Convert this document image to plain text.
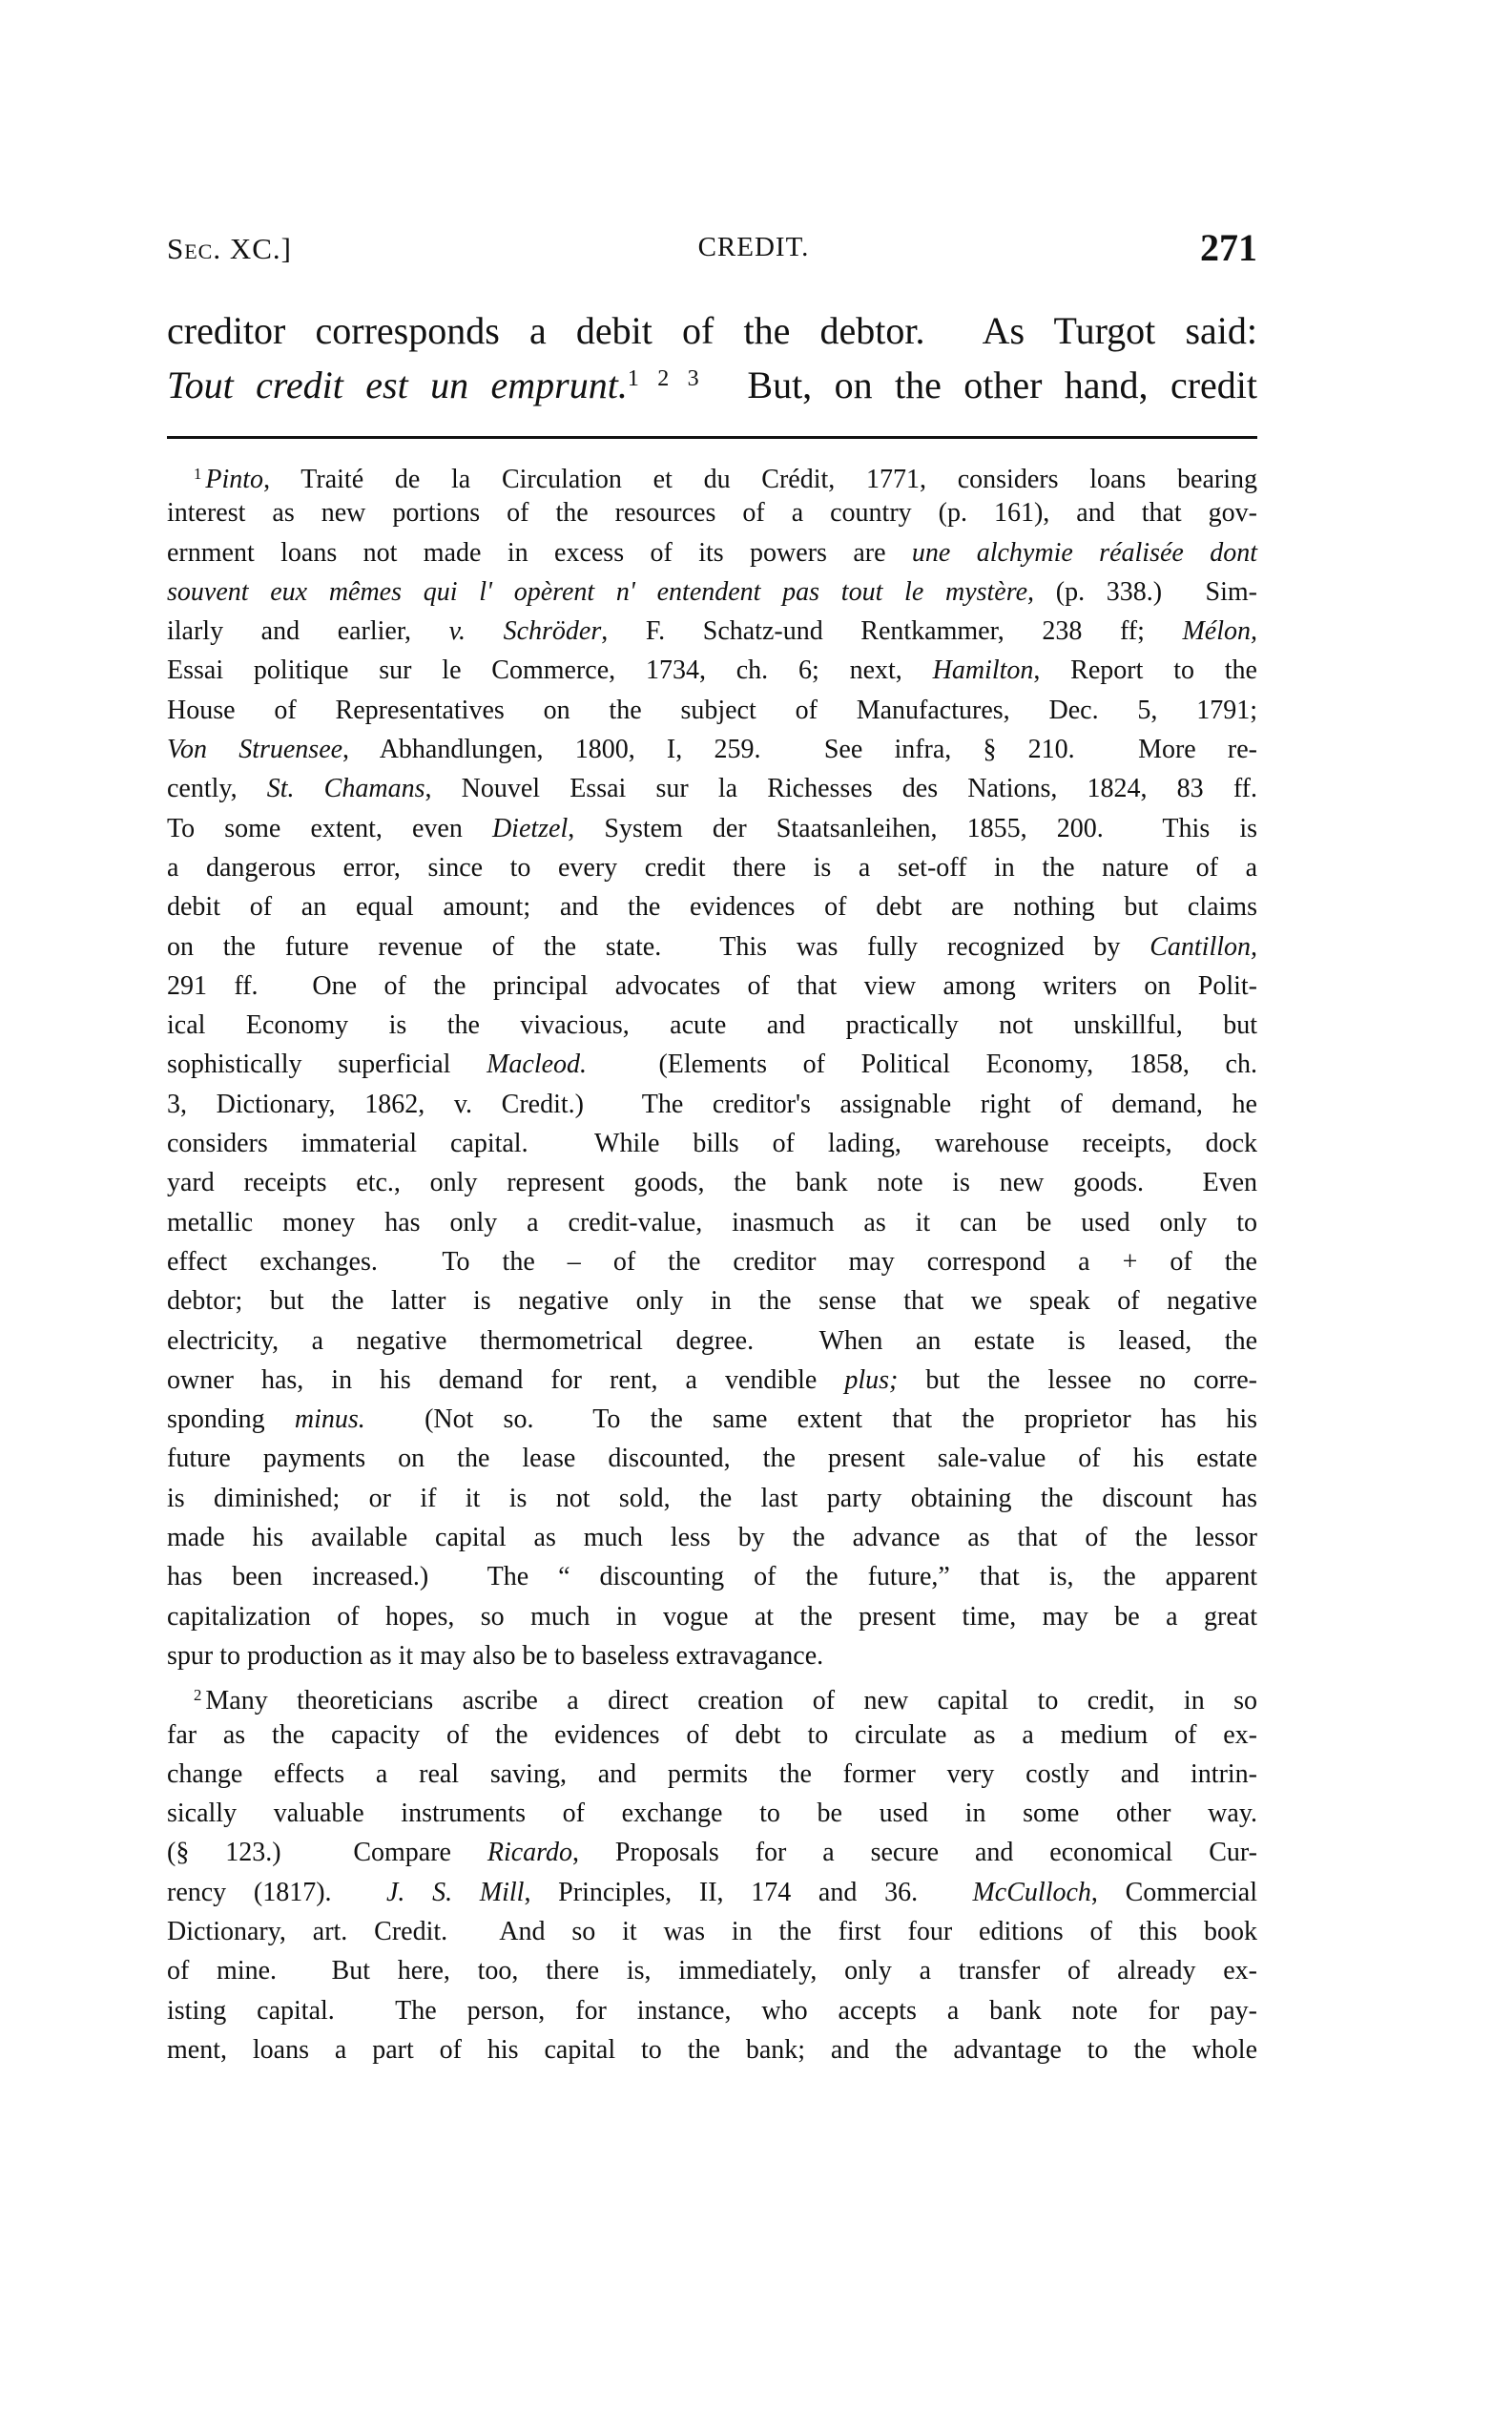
Sec. XC.]	CREDIT.	271
creditor corresponds a debit of the debtor.  As Turgot said:
Tout credit est un emprunt.$^{1 2 3}$  But, on the other hand, credit
$^1$ Pinto, Traité de la Circulation et du Crédit, 1771, considers loans bearing
interest as new portions of the resources of a country (p. 161), and that gov-
ernment loans not made in excess of its powers are une alchymie réalisée dont
souvent eux mêmes qui l' opèrent n' entendent pas tout le mystère, (p. 338.)  Sim-
ilarly and earlier, v. Schröder, F. Schatz-und Rentkammer, 238 ff; Mélon,
Essai politique sur le Commerce, 1734, ch. 6; next, Hamilton, Report to the
House of Representatives on the subject of Manufactures, Dec. 5, 1791;
Von Struensee, Abhandlungen, 1800, I, 259.  See infra, § 210.  More re-
cently, St. Chamans, Nouvel Essai sur la Richesses des Nations, 1824, 83 ff.
To some extent, even Dietzel, System der Staatsanleihen, 1855, 200.  This is
a dangerous error, since to every credit there is a set-off in the nature of a
debit of an equal amount; and the evidences of debt are nothing but claims
on the future revenue of the state.  This was fully recognized by Cantillon,
291 ff.  One of the principal advocates of that view among writers on Polit-
ical Economy is the vivacious, acute and practically not unskillful, but
sophistically superficial Macleod.  (Elements of Political Economy, 1858, ch.
3, Dictionary, 1862, v. Credit.)  The creditor's assignable right of demand, he
considers immaterial capital.  While bills of lading, warehouse receipts, dock
yard receipts etc., only represent goods, the bank note is new goods.  Even
metallic money has only a credit-value, inasmuch as it can be used only to
effect exchanges.  To the – of the creditor may correspond a + of the
debtor; but the latter is negative only in the sense that we speak of negative
electricity, a negative thermometrical degree.  When an estate is leased, the
owner has, in his demand for rent, a vendible plus; but the lessee no corre-
sponding minus.  (Not so.  To the same extent that the proprietor has his
future payments on the lease discounted, the present sale-value of his estate
is diminished; or if it is not sold, the last party obtaining the discount has
made his available capital as much less by the advance as that of the lessor
has been increased.)  The “ discounting of the future,” that is, the apparent
capitalization of hopes, so much in vogue at the present time, may be a great
spur to production as it may also be to baseless extravagance.
$^2$ Many theoreticians ascribe a direct creation of new capital to credit, in so
far as the capacity of the evidences of debt to circulate as a medium of ex-
change effects a real saving, and permits the former very costly and intrin-
sically valuable instruments of exchange to be used in some other way.
(§ 123.)  Compare Ricardo, Proposals for a secure and economical Cur-
rency (1817).  J. S. Mill, Principles, II, 174 and 36.  McCulloch, Commercial
Dictionary, art. Credit.  And so it was in the first four editions of this book
of mine.  But here, too, there is, immediately, only a transfer of already ex-
isting capital.  The person, for instance, who accepts a bank note for pay-
ment, loans a part of his capital to the bank; and the advantage to the whole
